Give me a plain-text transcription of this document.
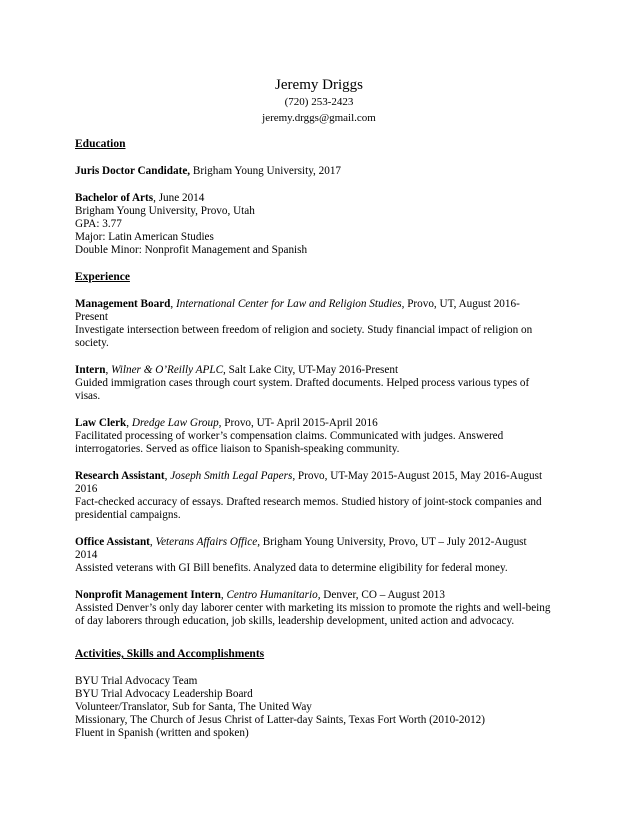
Jeremy Driggs
(720) 253-2423
jeremy.drggs@gmail.com
Education
Juris Doctor Candidate, Brigham Young University, 2017
Bachelor of Arts, June 2014
Brigham Young University, Provo, Utah
GPA: 3.77
Major: Latin American Studies
Double Minor: Nonprofit Management and Spanish
Experience
Management Board, International Center for Law and Religion Studies, Provo, UT, August 2016-
Present
Investigate intersection between freedom of religion and society. Study financial impact of religion on
society.
Intern, Wilner & O’Reilly APLC, Salt Lake City, UT-May 2016-Present
Guided immigration cases through court system. Drafted documents. Helped process various types of
visas.
Law Clerk, Dredge Law Group, Provo, UT- April 2015-April 2016
Facilitated processing of worker’s compensation claims. Communicated with judges. Answered
interrogatories. Served as office liaison to Spanish-speaking community.
Research Assistant, Joseph Smith Legal Papers, Provo, UT-May 2015-August 2015, May 2016-August
2016
Fact-checked accuracy of essays. Drafted research memos. Studied history of joint-stock companies and
presidential campaigns.
Office Assistant, Veterans Affairs Office, Brigham Young University, Provo, UT – July 2012-August
2014
Assisted veterans with GI Bill benefits. Analyzed data to determine eligibility for federal money.
Nonprofit Management Intern, Centro Humanitario, Denver, CO – August 2013
Assisted Denver’s only day laborer center with marketing its mission to promote the rights and well-being
of day laborers through education, job skills, leadership development, united action and advocacy.
Activities, Skills and Accomplishments
BYU Trial Advocacy Team
BYU Trial Advocacy Leadership Board
Volunteer/Translator, Sub for Santa, The United Way
Missionary, The Church of Jesus Christ of Latter-day Saints, Texas Fort Worth (2010-2012)
Fluent in Spanish (written and spoken)
